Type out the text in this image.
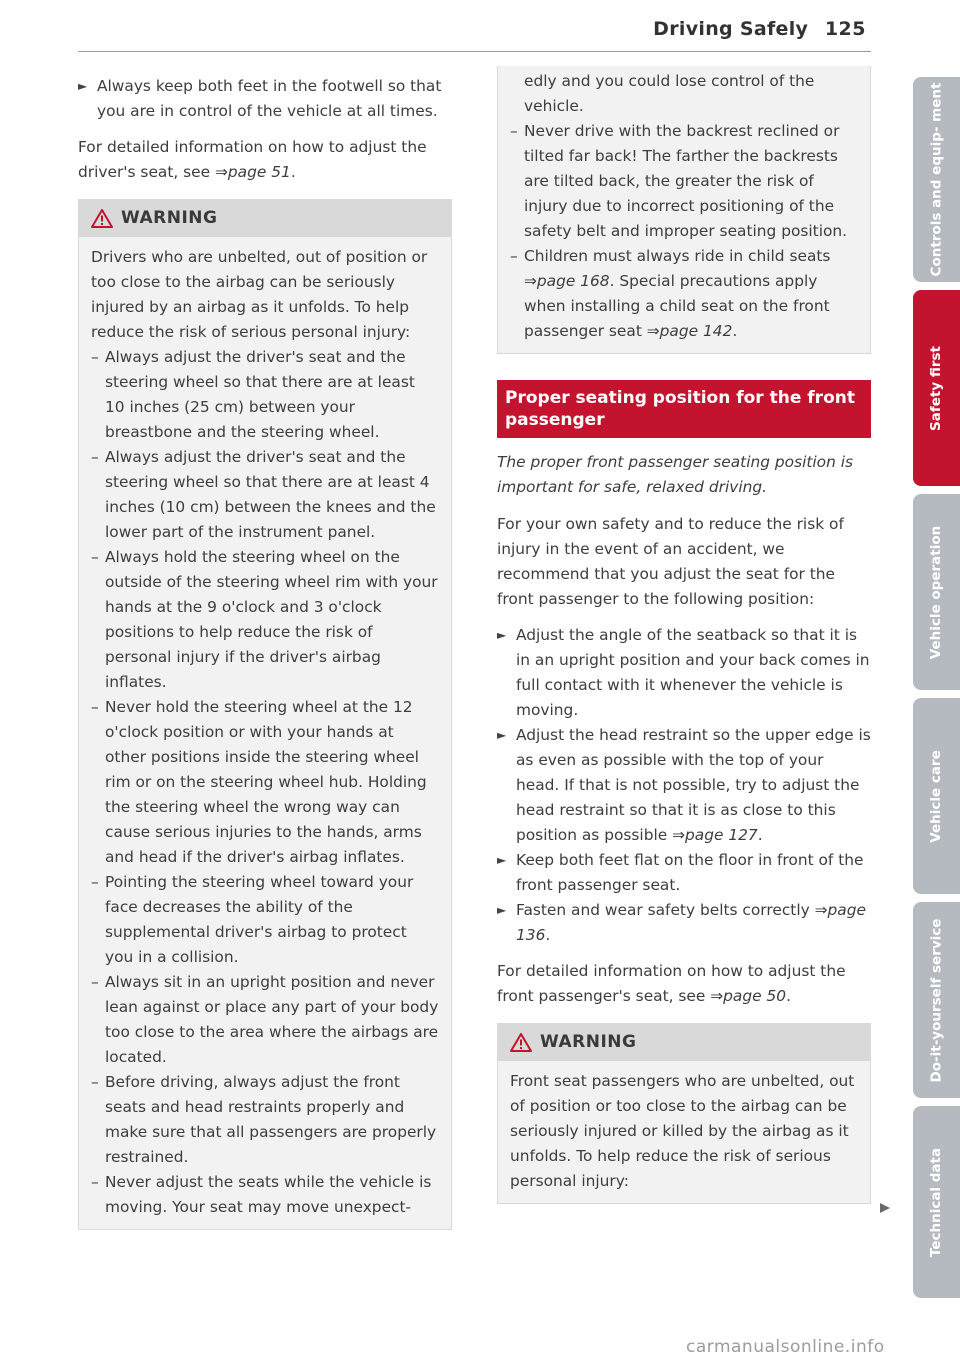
Driving Safely 125

► Always keep both feet in the footwell so that you are in control of the vehicle at all times.

For detailed information on how to adjust the driver's seat, see ⇒page 51.

WARNING

Drivers who are unbelted, out of position or too close to the airbag can be seriously injured by an airbag as it unfolds. To help reduce the risk of serious personal injury:

– Always adjust the driver's seat and the steering wheel so that there are at least 10 inches (25 cm) between your breastbone and the steering wheel.

– Always adjust the driver's seat and the steering wheel so that there are at least 4 inches (10 cm) between the knees and the lower part of the instrument panel.

– Always hold the steering wheel on the outside of the steering wheel rim with your hands at the 9 o'clock and 3 o'clock positions to help reduce the risk of personal injury if the driver's airbag inflates.

– Never hold the steering wheel at the 12 o'clock position or with your hands at other positions inside the steering wheel rim or on the steering wheel hub. Holding the steering wheel the wrong way can cause serious injuries to the hands, arms and head if the driver's airbag inflates.

– Pointing the steering wheel toward your face decreases the ability of the supplemental driver's airbag to protect you in a collision.

– Always sit in an upright position and never lean against or place any part of your body too close to the area where the airbags are located.

– Before driving, always adjust the front seats and head restraints properly and make sure that all passengers are properly restrained.

– Never adjust the seats while the vehicle is moving. Your seat may move unexpect-

edly and you could lose control of the vehicle.

– Never drive with the backrest reclined or tilted far back! The farther the backrests are tilted back, the greater the risk of injury due to incorrect positioning of the safety belt and improper seating position.

– Children must always ride in child seats ⇒page 168. Special precautions apply when installing a child seat on the front passenger seat ⇒page 142.

Proper seating position for the front passenger

The proper front passenger seating position is important for safe, relaxed driving.

For your own safety and to reduce the risk of injury in the event of an accident, we recommend that you adjust the seat for the front passenger to the following position:

► Adjust the angle of the seatback so that it is in an upright position and your back comes in full contact with it whenever the vehicle is moving.

► Adjust the head restraint so the upper edge is as even as possible with the top of your head. If that is not possible, try to adjust the head restraint so that it is as close to this position as possible ⇒page 127.

► Keep both feet flat on the floor in front of the front passenger seat.

► Fasten and wear safety belts correctly ⇒page 136.

For detailed information on how to adjust the front passenger's seat, see ⇒page 50.

WARNING

Front seat passengers who are unbelted, out of position or too close to the airbag can be seriously injured or killed by the airbag as it unfolds. To help reduce the risk of serious personal injury:

Controls and equip- ment
Safety first
Vehicle operation
Vehicle care
Do-it-yourself service
Technical data
carmanualsonline.info
